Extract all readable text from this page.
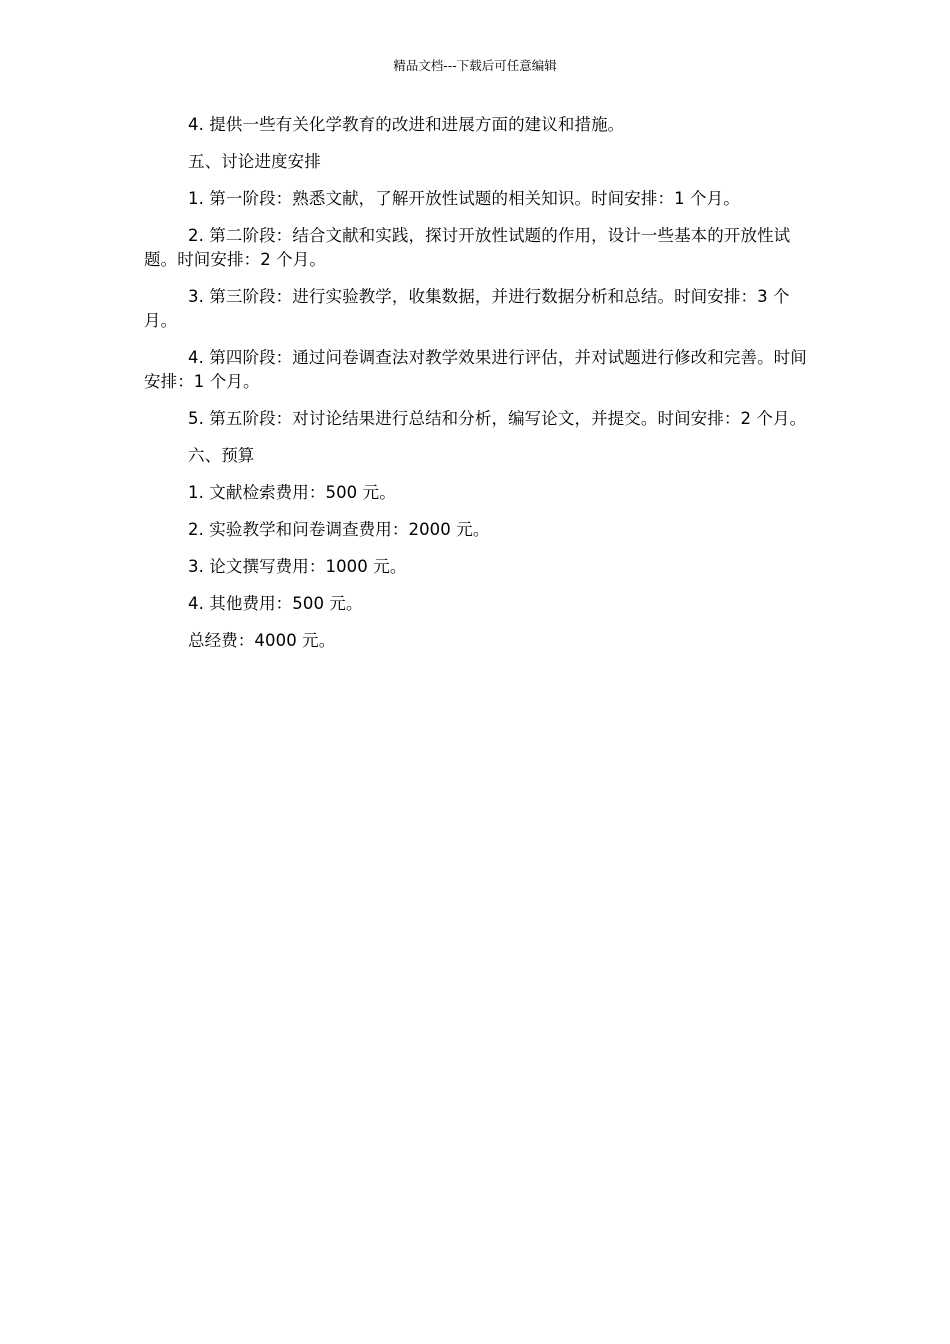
精品文档---下载后可任意编辑

4. 提供一些有关化学教育的改进和进展方面的建议和措施。

五、讨论进度安排

1. 第一阶段：熟悉文献，了解开放性试题的相关知识。时间安排：1 个月。

2. 第二阶段：结合文献和实践，探讨开放性试题的作用，设计一些基本的开放性试题。时间安排：2 个月。

3. 第三阶段：进行实验教学，收集数据，并进行数据分析和总结。时间安排：3 个月。

4. 第四阶段：通过问卷调查法对教学效果进行评估，并对试题进行修改和完善。时间安排：1 个月。

5. 第五阶段：对讨论结果进行总结和分析，编写论文，并提交。时间安排：2 个月。

六、预算

1. 文献检索费用：500 元。

2. 实验教学和问卷调查费用：2000 元。

3. 论文撰写费用：1000 元。

4. 其他费用：500 元。

总经费：4000 元。
